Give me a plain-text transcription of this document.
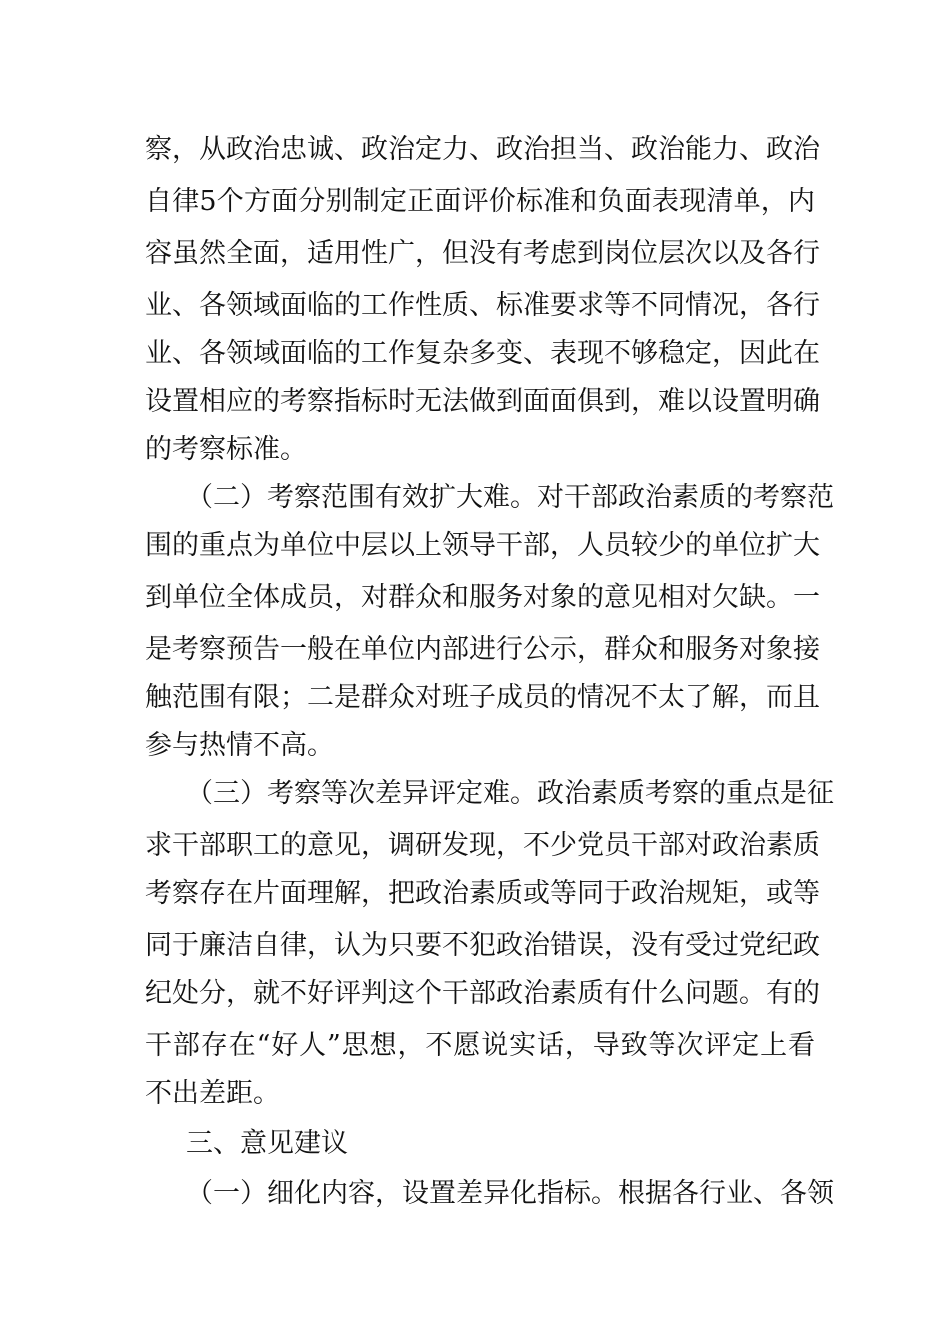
察，从政治忠诚、政治定力、政治担当、政治能力、政治
自律5个方面分别制定正面评价标准和负面表现清单，内
容虽然全面，适用性广，但没有考虑到岗位层次以及各行
业、各领域面临的工作性质、标准要求等不同情况，各行
业、各领域面临的工作复杂多变、表现不够稳定，因此在
设置相应的考察指标时无法做到面面俱到，难以设置明确
的考察标准。
（二）考察范围有效扩大难。对干部政治素质的考察范
围的重点为单位中层以上领导干部，人员较少的单位扩大
到单位全体成员，对群众和服务对象的意见相对欠缺。一
是考察预告一般在单位内部进行公示，群众和服务对象接
触范围有限；二是群众对班子成员的情况不太了解，而且
参与热情不高。
（三）考察等次差异评定难。政治素质考察的重点是征
求干部职工的意见，调研发现，不少党员干部对政治素质
考察存在片面理解，把政治素质或等同于政治规矩，或等
同于廉洁自律，认为只要不犯政治错误，没有受过党纪政
纪处分，就不好评判这个干部政治素质有什么问题。有的
干部存在“好人”思想，不愿说实话，导致等次评定上看
不出差距。
三、意见建议
（一）细化内容，设置差异化指标。根据各行业、各领
